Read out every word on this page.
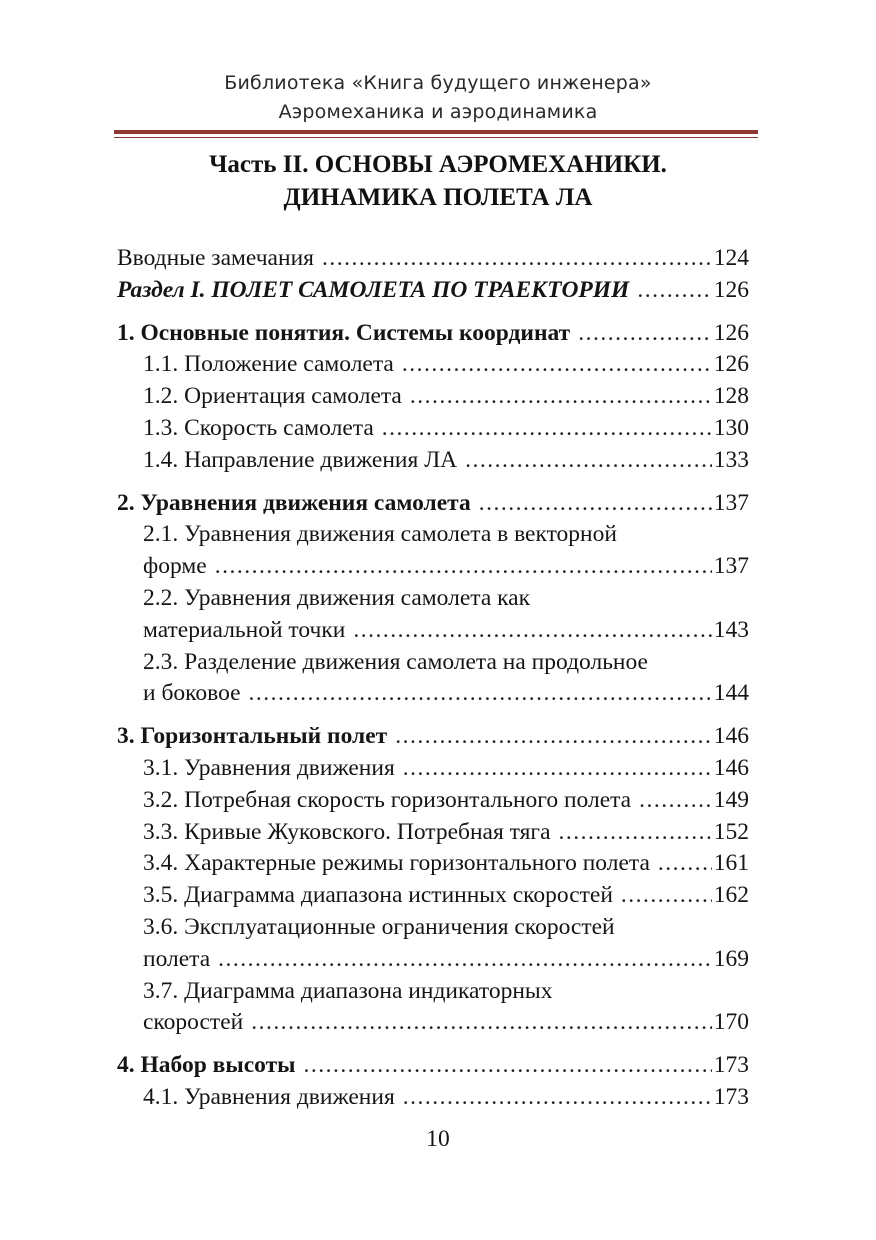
Библиотека «Книга будущего инженера»
Аэромеханика и аэродинамика
Часть II. ОСНОВЫ АЭРОМЕХАНИКИ.
ДИНАМИКА ПОЛЕТА ЛА
Вводные замечания .....	124
Раздел I. ПОЛЕТ САМОЛЕТА ПО ТРАЕКТОРИИ .....	126
1. Основные понятия. Системы координат .....	126
1.1. Положение самолета .....	126
1.2. Ориентация самолета .....	128
1.3. Скорость самолета .....	130
1.4. Направление движения ЛА .....	133
2. Уравнения движения самолета .....	137
2.1. Уравнения движения самолета в векторной
форме .....	137
2.2. Уравнения движения самолета как
материальной точки .....	143
2.3. Разделение движения самолета на продольное
и боковое .....	144
3. Горизонтальный полет .....	146
3.1. Уравнения движения .....	146
3.2. Потребная скорость горизонтального полета .....	149
3.3. Кривые Жуковского. Потребная тяга .....	152
3.4. Характерные режимы горизонтального полета .....	161
3.5. Диаграмма диапазона истинных скоростей .....	162
3.6. Эксплуатационные ограничения скоростей
полета .....	169
3.7. Диаграмма диапазона индикаторных
скоростей .....	170
4. Набор высоты .....	173
4.1. Уравнения движения .....	173
10
